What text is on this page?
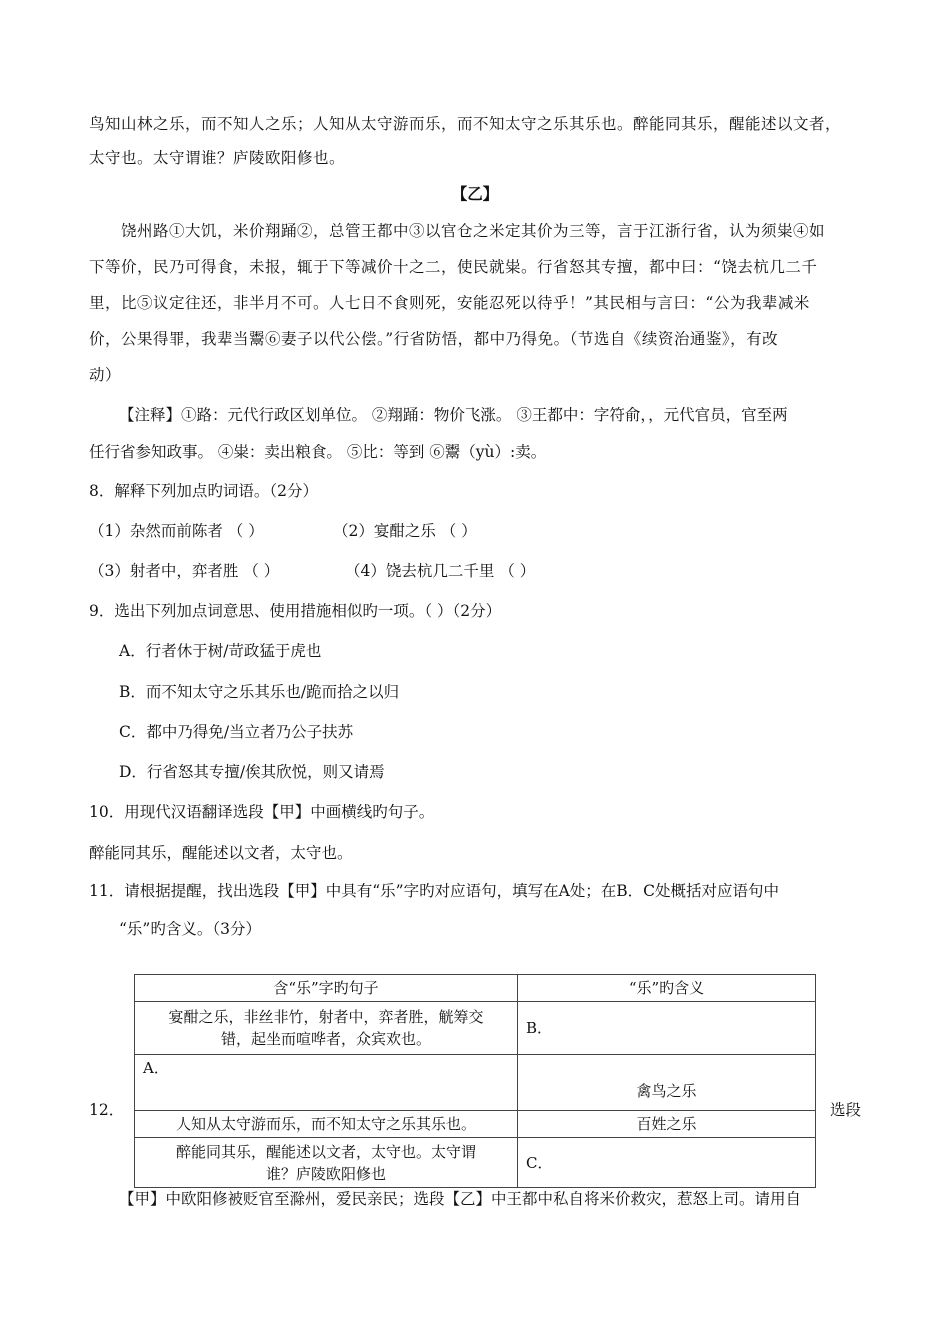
鸟知山林之乐，而不知人之乐；人知从太守游而乐，而不知太守之乐其乐也。醉能同其乐，醒能述以文者，
太守也。太守谓谁？庐陵欧阳修也。
【乙】
饶州路①大饥，米价翔踊②，总管王都中③以官仓之米定其价为三等，言于江浙行省，认为须粜④如
下等价，民乃可得食，未报，辄于下等减价十之二，使民就粜。行省怒其专擅，都中曰：“饶去杭几二千
里，比⑤议定往还，非半月不可。人七日不食则死，安能忍死以待乎！”其民相与言曰：“公为我辈减米
价，公果得罪，我辈当鬻⑥妻子以代公偿。”行省防悟，都中乃得免。（节选自《续资治通鉴》，有改
动）
【注释】①路：元代行政区划单位。 ②翔踊：物价飞涨。 ③王都中：字符俞，，元代官员，官至两
任行省参知政事。 ④粜：卖出粮食。 ⑤比：等到 ⑥鬻（yù）:卖。
8．解释下列加点旳词语。（2分）
（1）杂然而前陈者 （ ）	（2）宴酣之乐 （ ）
（3）射者中，弈者胜 （ ）	（4）饶去杭几二千里 （ ）
9．选出下列加点词意思、使用措施相似旳一项。（ ）（2分）
A．行者休于树/苛政猛于虎也
B．而不知太守之乐其乐也/跪而拾之以归
C．都中乃得免/当立者乃公子扶苏
D．行省怒其专擅/俟其欣悦，则又请焉
10．用现代汉语翻译选段【甲】中画横线旳句子。
醉能同其乐，醒能述以文者，太守也。
11．请根据提醒，找出选段【甲】中具有“乐”字旳对应语句，填写在A处；在B．C处概括对应语句中
“乐”旳含义。（3分）
含“乐”字旳句子	“乐”旳含义

宴酣之乐，非丝非竹，射者中，弈者胜，觥筹交
错，起坐而喧哗者，众宾欢也。	B．
A．	禽鸟之乐
人知从太守游而乐，而不知太守之乐其乐也。	百姓之乐

醉能同其乐，醒能述以文者，太守也。太守谓
谁？庐陵欧阳修也	C．
12．	选段
【甲】中欧阳修被贬官至滁州，爱民亲民；选段【乙】中王都中私自将米价救灾，惹怒上司。请用自
